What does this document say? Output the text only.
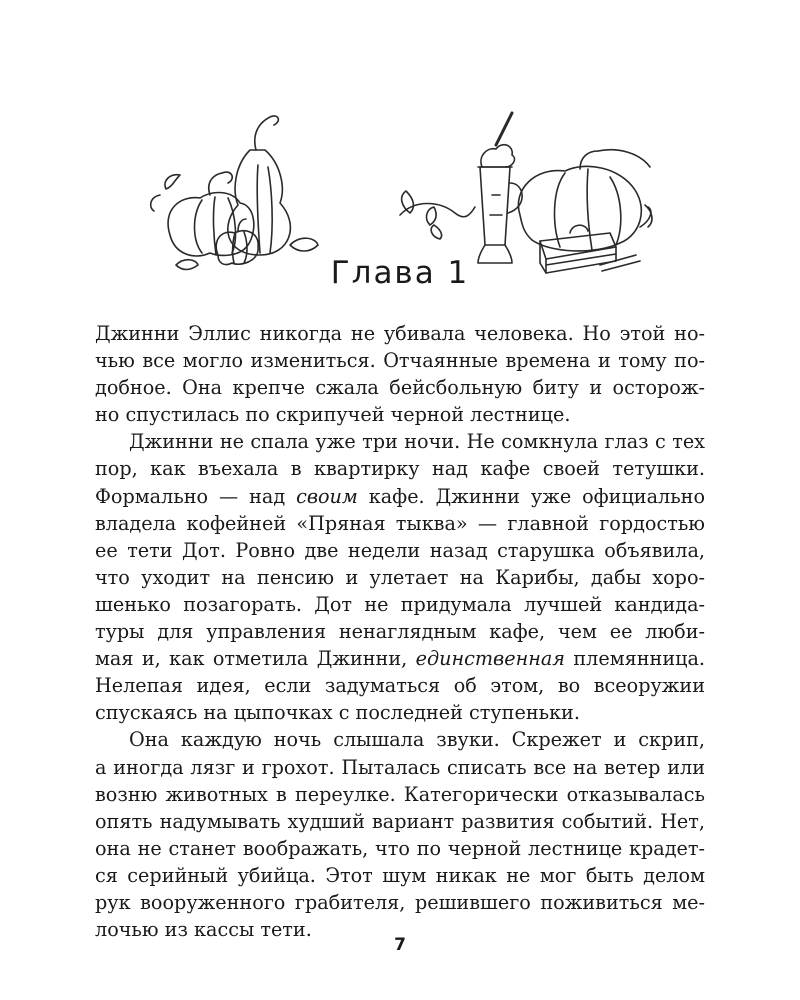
Глава 1

Джинни Эллис никогда не убивала человека. Но этой но-
чью все могло измениться. Отчаянные времена и тому по-
добное. Она крепче сжала бейсбольную биту и осторож-
но спустилась по скрипучей черной лестнице.

Джинни не спала уже три ночи. Не сомкнула глаз с тех
пор, как въехала в квартирку над кафе своей тетушки.
Формально — над своим кафе. Джинни уже официально
владела кофейней «Пряная тыква» — главной гордостью
ее тети Дот. Ровно две недели назад старушка объявила,
что уходит на пенсию и улетает на Карибы, дабы хоро-
шенько позагорать. Дот не придумала лучшей кандида-
туры для управления ненаглядным кафе, чем ее люби-
мая и, как отметила Джинни, единственная племянница.
Нелепая идея, если задуматься об этом, во всеоружии
спускаясь на цыпочках с последней ступеньки.

Она каждую ночь слышала звуки. Скрежет и скрип,
а иногда лязг и грохот. Пыталась списать все на ветер или
возню животных в переулке. Категорически отказывалась
опять надумывать худший вариант развития событий. Нет,
она не станет воображать, что по черной лестнице крадет-
ся серийный убийца. Этот шум никак не мог быть делом
рук вооруженного грабителя, решившего поживиться ме-
лочью из кассы тети.

7
